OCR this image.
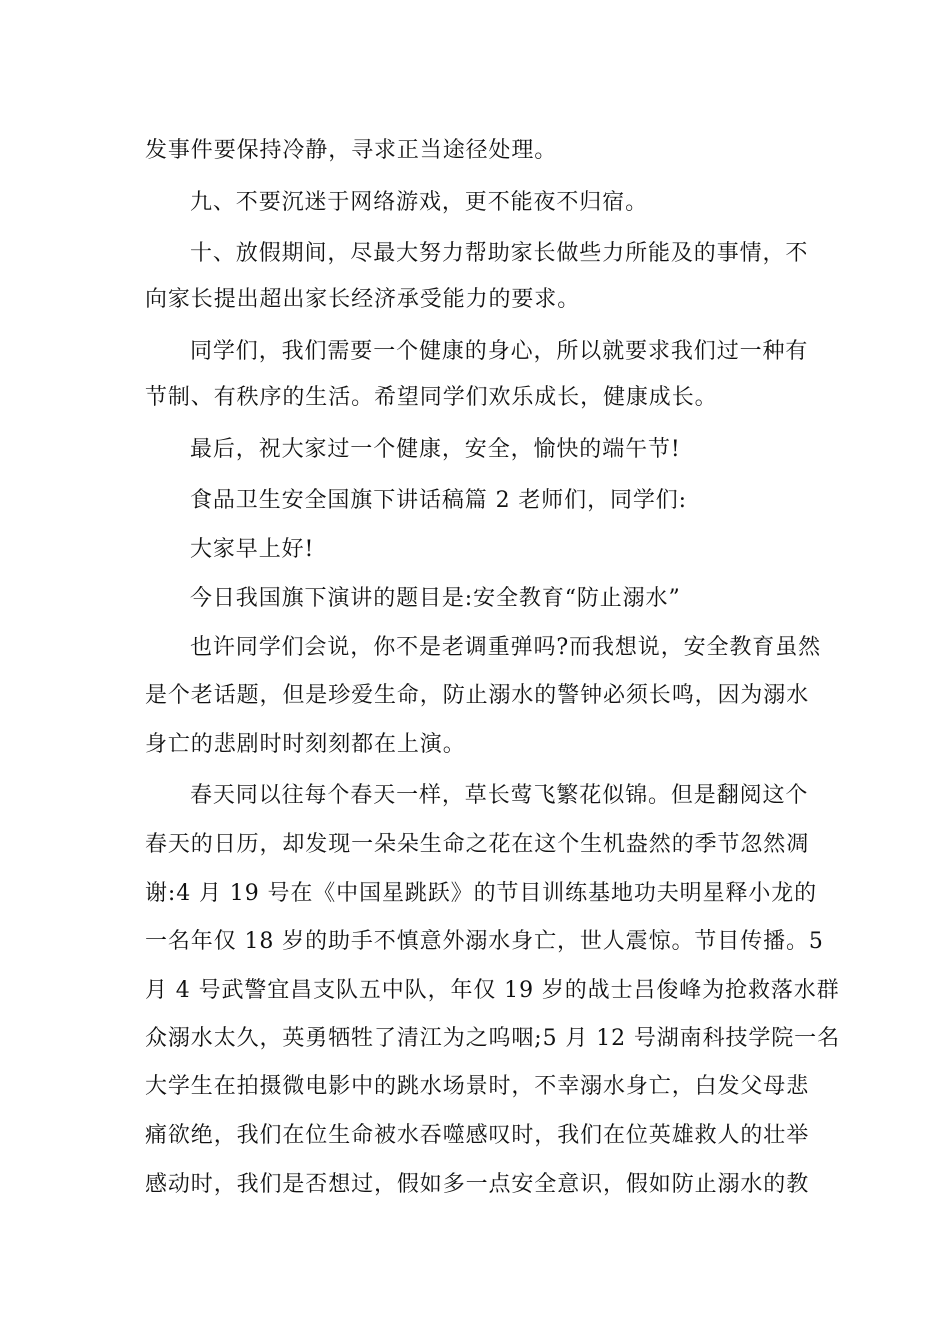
发事件要保持冷静，寻求正当途径处理。
九、不要沉迷于网络游戏，更不能夜不归宿。
十、放假期间，尽最大努力帮助家长做些力所能及的事情，不
向家长提出超出家长经济承受能力的要求。
同学们，我们需要一个健康的身心，所以就要求我们过一种有
节制、有秩序的生活。希望同学们欢乐成长，健康成长。
最后，祝大家过一个健康，安全，愉快的端午节!
食品卫生安全国旗下讲话稿篇 2 老师们，同学们:
大家早上好!
今日我国旗下演讲的题目是:安全教育“防止溺水”
也许同学们会说，你不是老调重弹吗?而我想说，安全教育虽然
是个老话题，但是珍爱生命，防止溺水的警钟必须长鸣，因为溺水
身亡的悲剧时时刻刻都在上演。
春天同以往每个春天一样，草长莺飞繁花似锦。但是翻阅这个
春天的日历，却发现一朵朵生命之花在这个生机盎然的季节忽然凋
谢:4 月 19 号在《中国星跳跃》的节目训练基地功夫明星释小龙的
一名年仅 18 岁的助手不慎意外溺水身亡，世人震惊。节目传播。5
月 4 号武警宜昌支队五中队，年仅 19 岁的战士吕俊峰为抢救落水群
众溺水太久，英勇牺牲了清江为之呜咽;5 月 12 号湖南科技学院一名
大学生在拍摄微电影中的跳水场景时，不幸溺水身亡，白发父母悲
痛欲绝，我们在位生命被水吞噬感叹时，我们在位英雄救人的壮举
感动时，我们是否想过，假如多一点安全意识，假如防止溺水的教
